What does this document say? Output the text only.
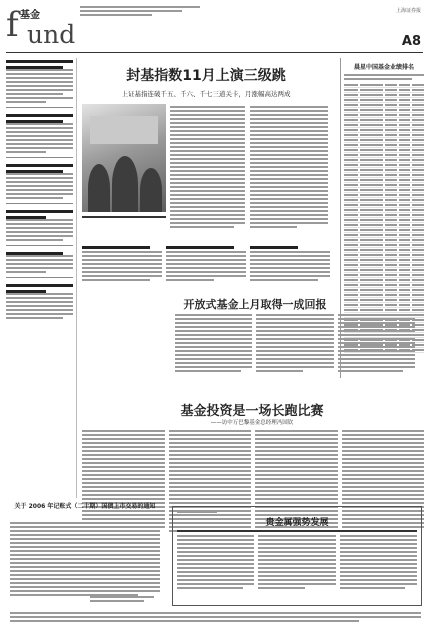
f 基金
und
上海证券报
A8
封基指数11月上演三级跳
上证基指连破千五、千六、千七三道关卡，月涨幅高达两成
晨星中国基金业绩排名
开放式基金上月取得一成回报
基金投资是一场长跑比赛
——访中万巴黎基金总经理冯国钦
关于 2006 年记账式（二十期）国债上市交易的通知
贵金属强势发展
